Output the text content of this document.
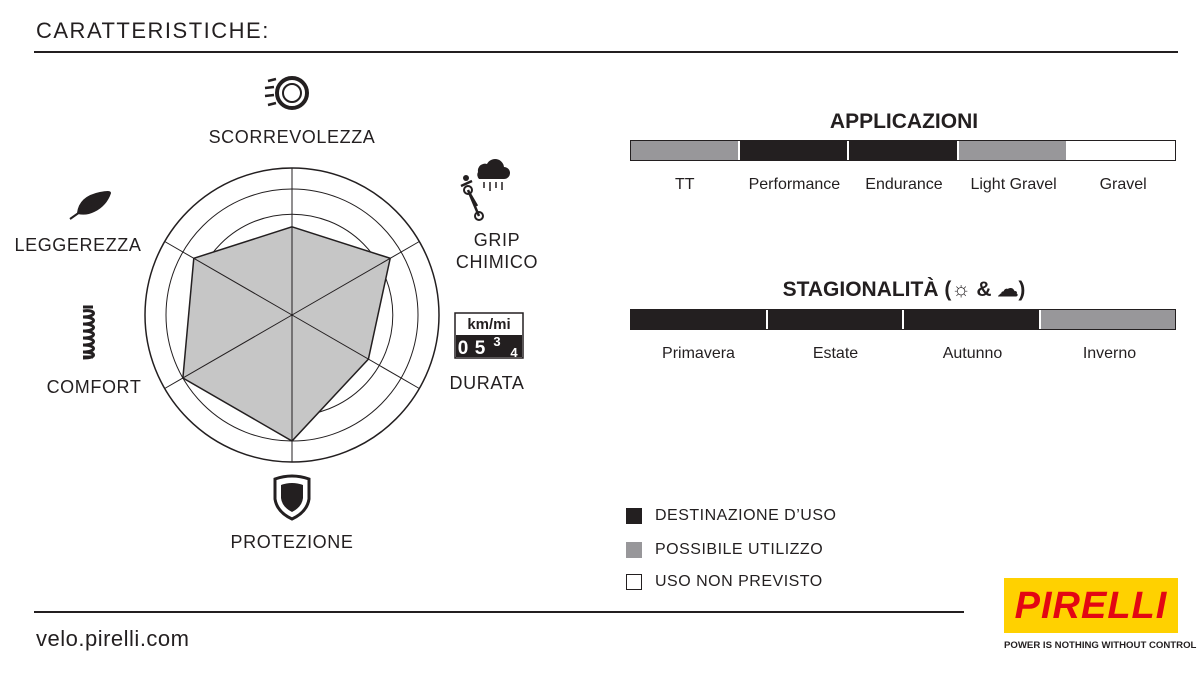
CARATTERISTICHE:
SCORREVOLEZZA
GRIP CHIMICO
DURATA
PROTEZIONE
COMFORT
LEGGEREZZA
km/mi
0 5 3
4
APPLICAZIONI
TT	Performance	Endurance	Light Gravel	Gravel
STAGIONALITÀ (☼ & ☁)
Primavera	Estate	Autunno	Inverno
DESTINAZIONE D’USO
POSSIBILE UTILIZZO
USO NON PREVISTO
velo.pirelli.com
PIRELLI
POWER IS NOTHING WITHOUT CONTROL
